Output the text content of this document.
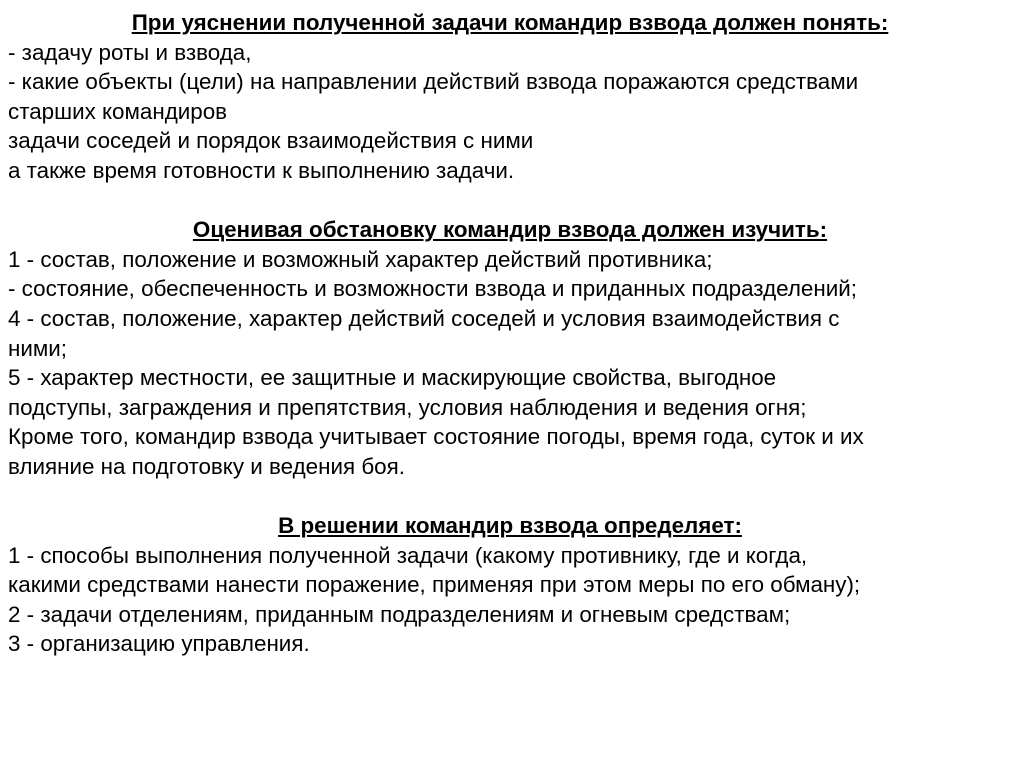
При уяснении полученной задачи командир взвода должен понять:
- задачу роты и взвода,
- какие объекты (цели) на направлении действий взвода поражаются средствами
старших командиров
задачи соседей и порядок взаимодействия с ними
а также время готовности к выполнению задачи.
Оценивая обстановку командир взвода должен изучить:
1 - состав, положение и возможный характер действий противника;
- состояние, обеспеченность и возможности взвода и приданных подразделений;
4 - состав, положение, характер действий соседей и условия взаимодействия с
ними;
5 - характер местности, ее защитные и маскирующие свойства, выгодное
подступы, заграждения и препятствия, условия наблюдения и ведения огня;
Кроме того, командир взвода учитывает состояние погоды, время года, суток и их
влияние на подготовку и ведения боя.
В решении командир взвода определяет:
1 - способы выполнения полученной задачи (какому противнику, где и когда,
какими средствами нанести поражение, применяя при этом меры по его обману);
2 - задачи отделениям, приданным подразделениям и огневым средствам;
3 - организацию управления.
